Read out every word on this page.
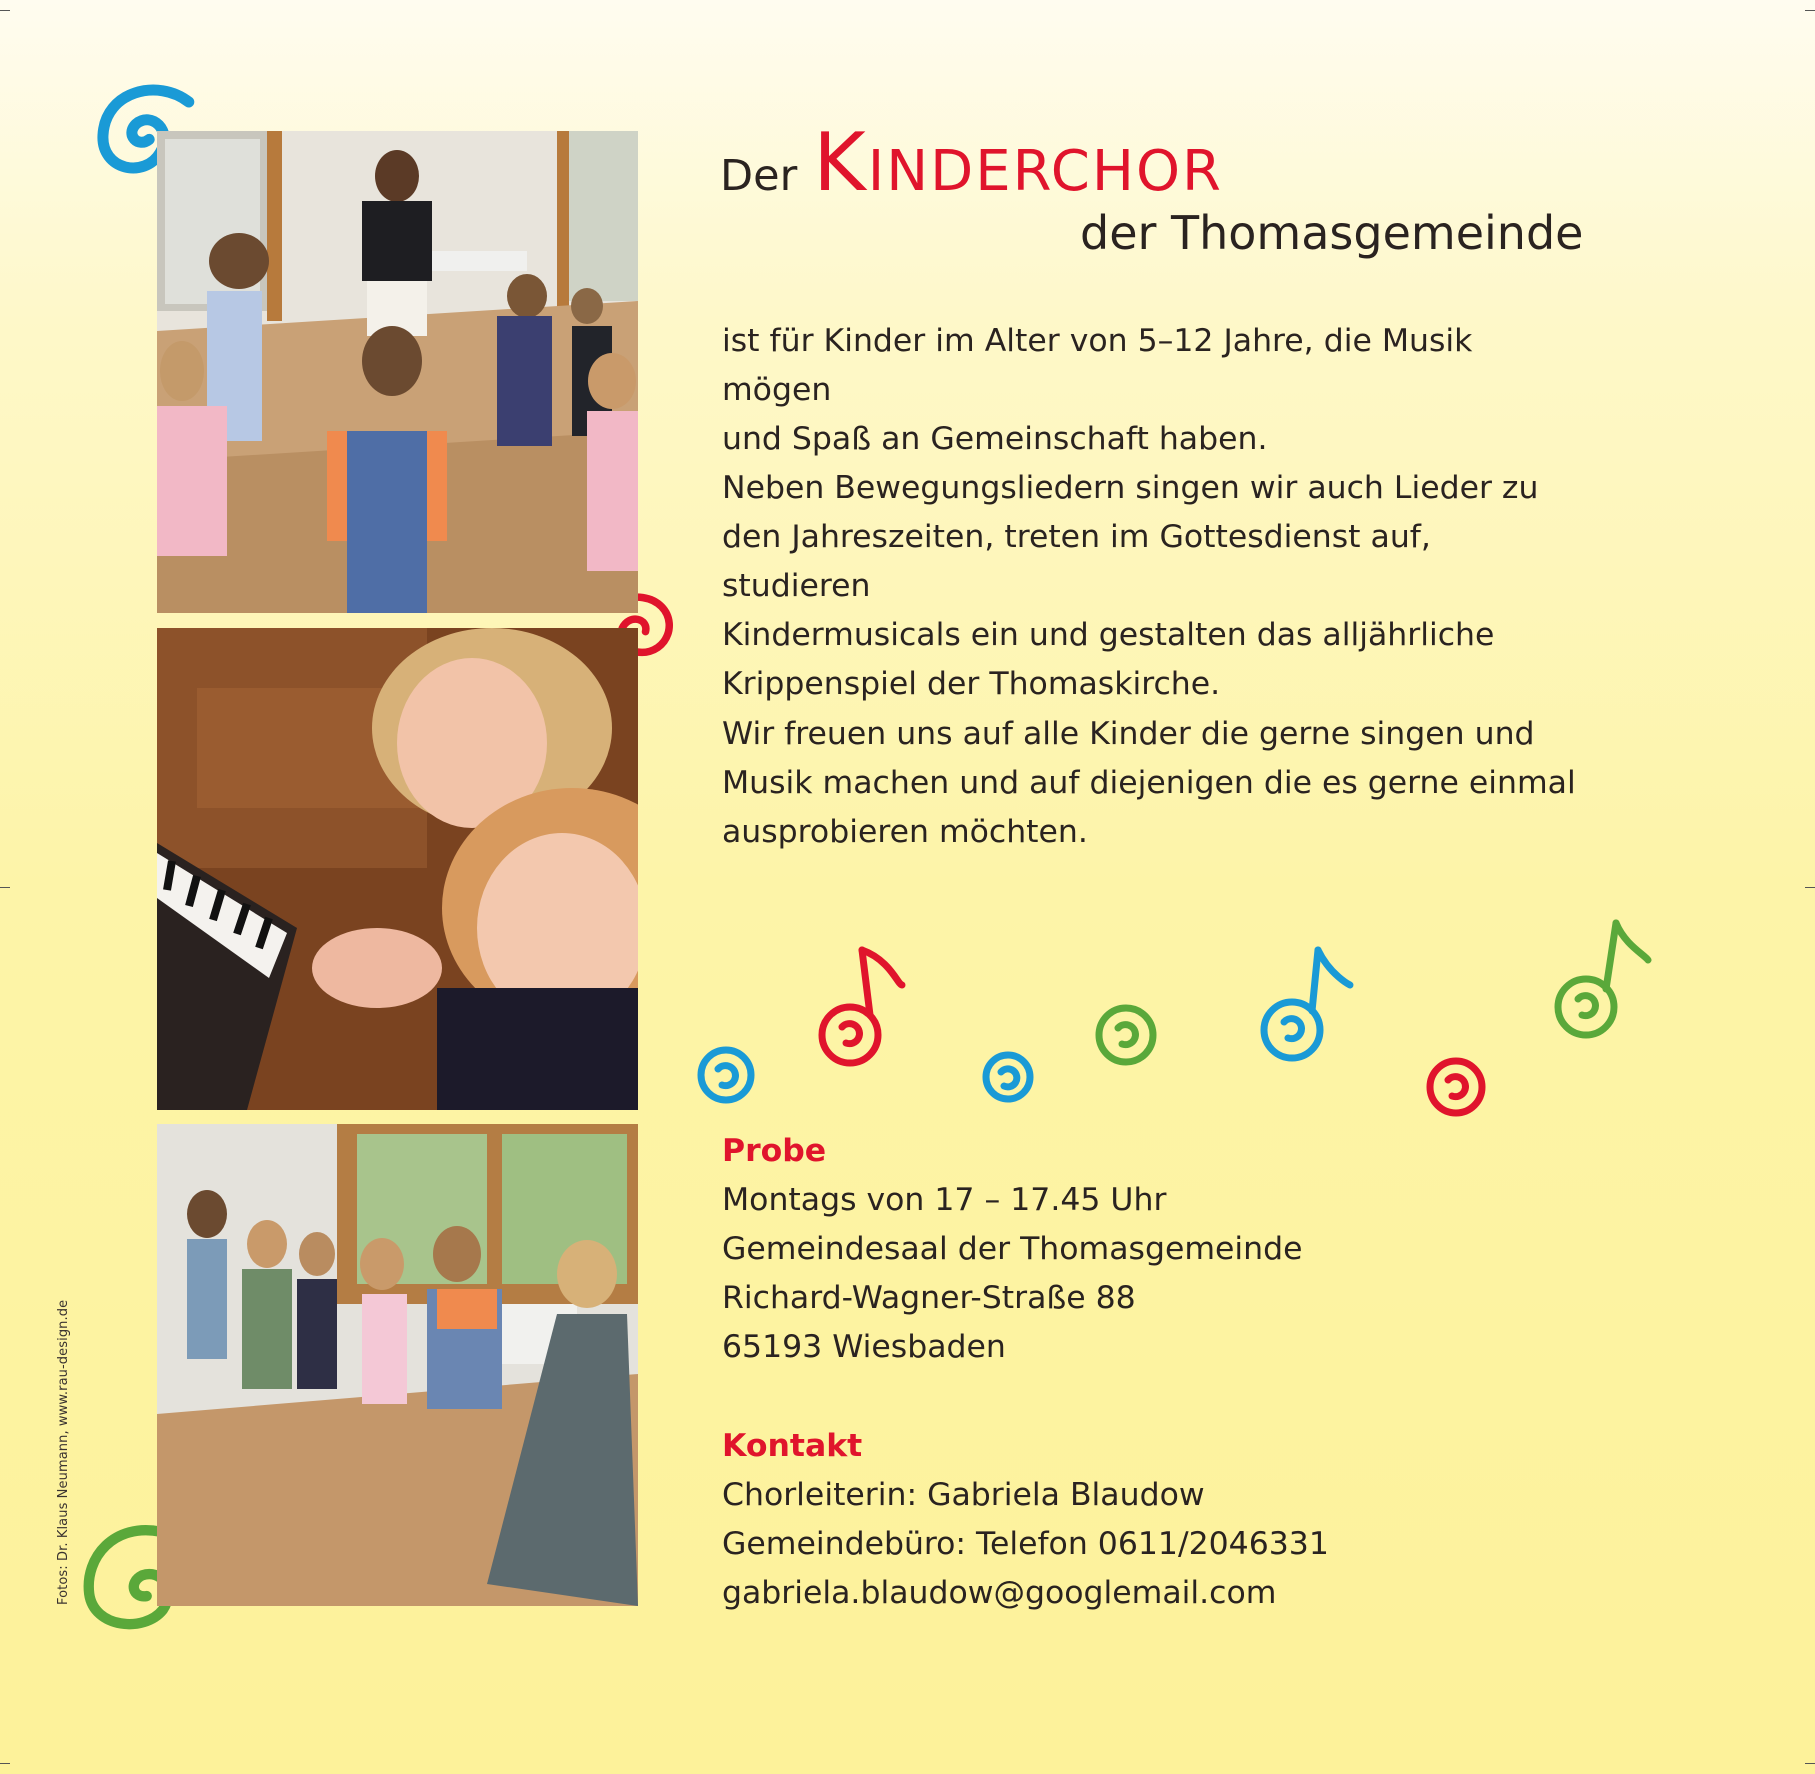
Fotos: Dr. Klaus Neumann, www.rau-design.de
Der Kinderchor
der Thomasgemeinde

ist für Kinder im Alter von 5–12 Jahre, die Musik mögen
und Spaß an Gemeinschaft haben.

Neben Bewegungsliedern singen wir auch Lieder zu
den Jahreszeiten, treten im Gottesdienst auf, studieren
Kindermusicals ein und gestalten das alljährliche
Krippenspiel der Thomaskirche.

Wir freuen uns auf alle Kinder die gerne singen und
Musik machen und auf diejenigen die es gerne einmal
ausprobieren möchten.

Probe
Montags von 17 – 17.45 Uhr
Gemeindesaal der Thomasgemeinde
Richard-Wagner-Straße 88
65193 Wiesbaden
Kontakt
Chorleiterin: Gabriela Blaudow
Gemeindebüro: Telefon 0611/2046331
gabriela.blaudow@googlemail.com
